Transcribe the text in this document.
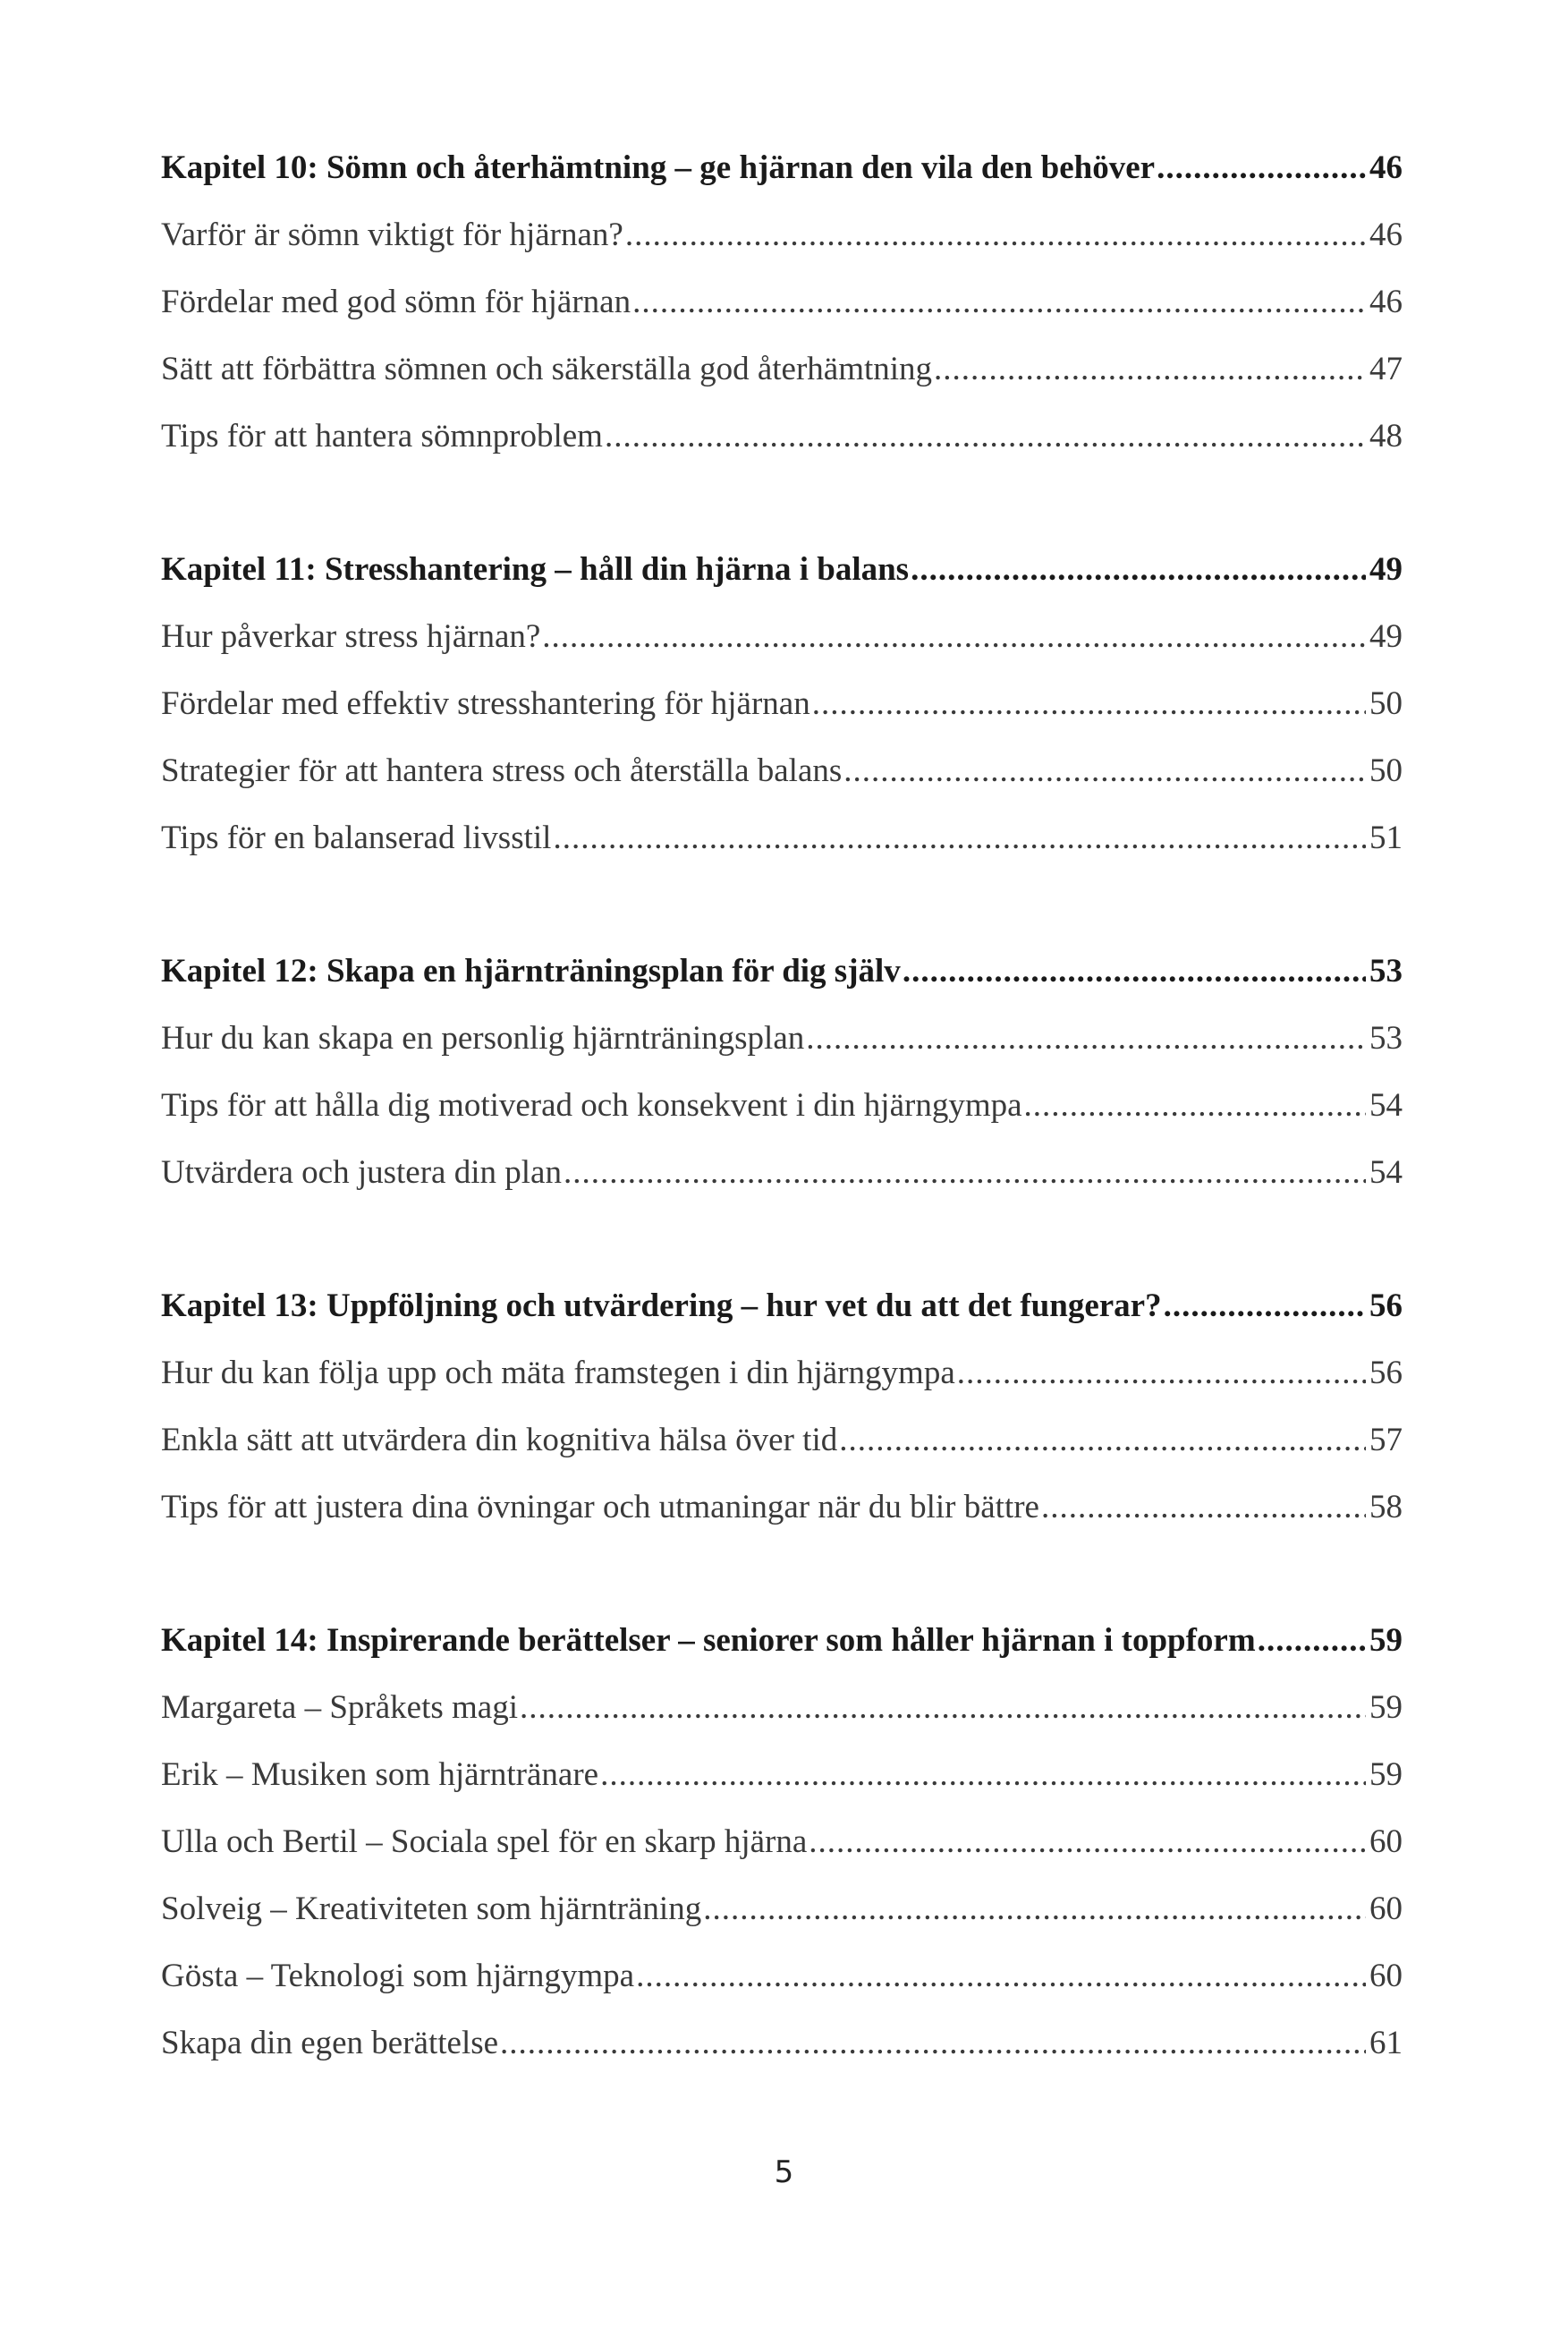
Kapitel 10: Sömn och återhämtning – ge hjärnan den vila den behöver .....	46
Varför är sömn viktigt för hjärnan? .....	46
Fördelar med god sömn för hjärnan .....	46
Sätt att förbättra sömnen och säkerställa god återhämtning .....	47
Tips för att hantera sömnproblem .....	48
Kapitel 11: Stresshantering – håll din hjärna i balans .....	49
Hur påverkar stress hjärnan? .....	49
Fördelar med effektiv stresshantering för hjärnan .....	50
Strategier för att hantera stress och återställa balans .....	50
Tips för en balanserad livsstil .....	51
Kapitel 12: Skapa en hjärnträningsplan för dig själv .....	53
Hur du kan skapa en personlig hjärnträningsplan .....	53
Tips för att hålla dig motiverad och konsekvent i din hjärngympa .....	54
Utvärdera och justera din plan .....	54
Kapitel 13: Uppföljning och utvärdering – hur vet du att det fungerar? .....	56
Hur du kan följa upp och mäta framstegen i din hjärngympa .....	56
Enkla sätt att utvärdera din kognitiva hälsa över tid .....	57
Tips för att justera dina övningar och utmaningar när du blir bättre .....	58
Kapitel 14: Inspirerande berättelser – seniorer som håller hjärnan i toppform .....	59
Margareta – Språkets magi .....	59
Erik – Musiken som hjärntränare .....	59
Ulla och Bertil – Sociala spel för en skarp hjärna .....	60
Solveig – Kreativiteten som hjärnträning .....	60
Gösta – Teknologi som hjärngympa .....	60
Skapa din egen berättelse .....	61
5
